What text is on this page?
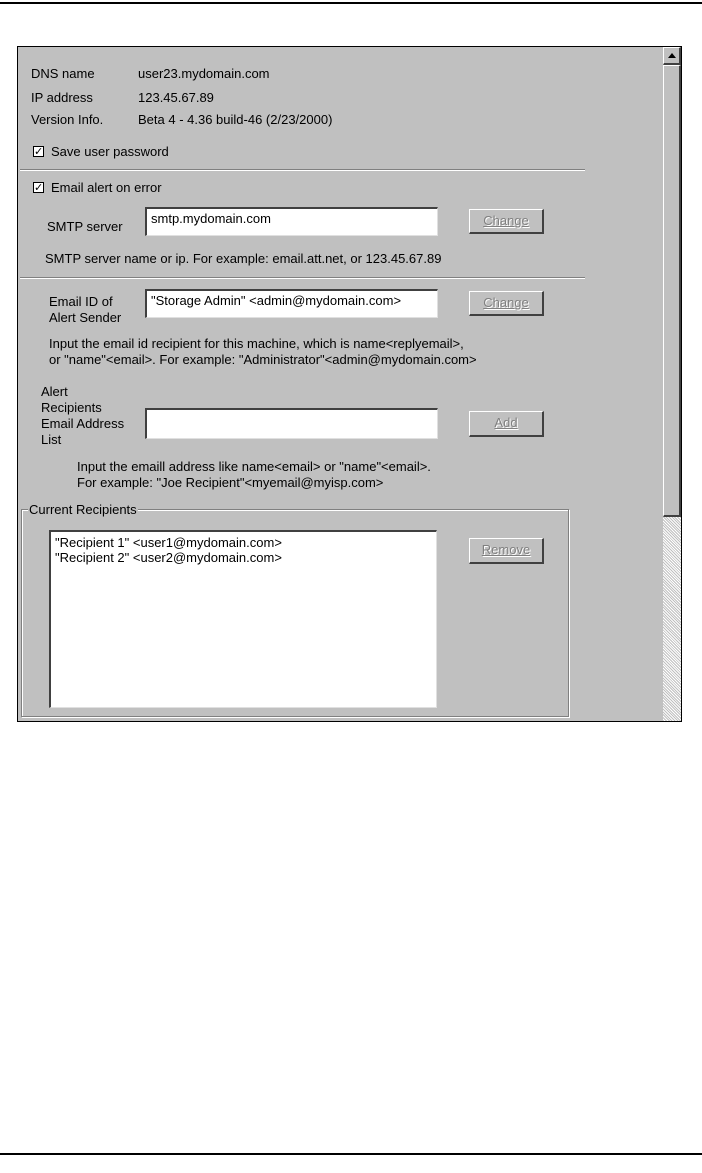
DNS name	user23.mydomain.com
IP address	123.45.67.89
Version Info.	Beta 4 - 4.36 build-46 (2/23/2000)
✓ Save user password
✓ Email alert on error
SMTP server
smtp.mydomain.com	Change
SMTP server name or ip. For example: email.att.net, or 123.45.67.89
Email ID of
Alert Sender
"Storage Admin" <admin@mydomain.com>	Change
Input the email id recipient for this machine, which is name<replyemail>,
or "name"<email>. For example: "Administrator"<admin@mydomain.com>
Alert
Recipients
Email Address
List
Add
Input the emaill address like name<email> or "name"<email>.
For example: "Joe Recipient"<myemail@myisp.com>
Current Recipients
"Recipient 1" <user1@mydomain.com>
"Recipient 2" <user2@mydomain.com>
Remove
